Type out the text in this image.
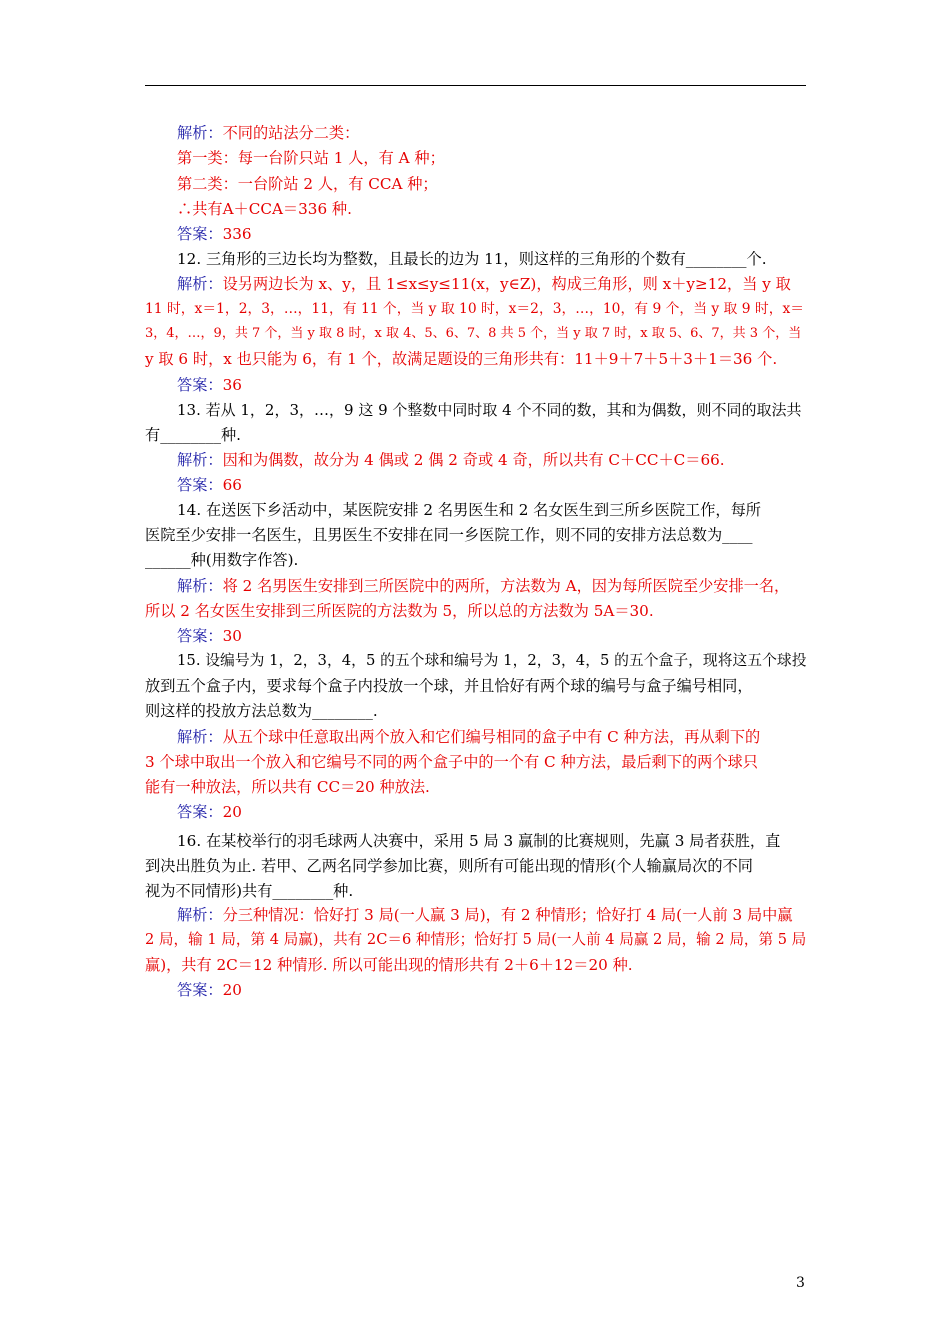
解析：不同的站法分二类：
第一类：每一台阶只站 1 人，有 A 种；
第二类：一台阶站 2 人，有 CCA 种；
∴共有A＋CCA＝336 种.
答案：336
12. 三角形的三边长均为整数，且最长的边为 11，则这样的三角形的个数有________个.
解析：设另两边长为 x、y，且 1≤x≤y≤11(x，y∈Z)，构成三角形，则 x＋y≥12，当 y 取
11 时，x＝1，2，3，…，11，有 11 个，当 y 取 10 时，x＝2，3，…，10，有 9 个，当 y 取 9 时，x＝
3，4，…，9，共 7 个，当 y 取 8 时，x 取 4、5、6、7、8 共 5 个，当 y 取 7 时，x 取 5、6、7，共 3 个，当
y 取 6 时，x 也只能为 6，有 1 个，故满足题设的三角形共有：11＋9＋7＋5＋3＋1＝36 个.
答案：36
13. 若从 1，2，3，…，9 这 9 个整数中同时取 4 个不同的数，其和为偶数，则不同的取法共
有________种.
解析：因和为偶数，故分为 4 偶或 2 偶 2 奇或 4 奇，所以共有 C＋CC＋C＝66.
答案：66
14. 在送医下乡活动中，某医院安排 2 名男医生和 2 名女医生到三所乡医院工作，每所
医院至少安排一名医生，且男医生不安排在同一乡医院工作，则不同的安排方法总数为____
______种(用数字作答).
解析：将 2 名男医生安排到三所医院中的两所，方法数为 A，因为每所医院至少安排一名，
所以 2 名女医生安排到三所医院的方法数为 5，所以总的方法数为 5A＝30.
答案：30
15. 设编号为 1，2，3，4，5 的五个球和编号为 1，2，3，4，5 的五个盒子，现将这五个球投
放到五个盒子内，要求每个盒子内投放一个球，并且恰好有两个球的编号与盒子编号相同，
则这样的投放方法总数为________.
解析：从五个球中任意取出两个放入和它们编号相同的盒子中有 C 种方法，再从剩下的
3 个球中取出一个放入和它编号不同的两个盒子中的一个有 C 种方法，最后剩下的两个球只
能有一种放法，所以共有 CC＝20 种放法.
答案：20
16. 在某校举行的羽毛球两人决赛中，采用 5 局 3 赢制的比赛规则，先赢 3 局者获胜，直
到决出胜负为止. 若甲、乙两名同学参加比赛，则所有可能出现的情形(个人输赢局次的不同
视为不同情形)共有________种.
解析：分三种情况：恰好打 3 局(一人赢 3 局)，有 2 种情形；恰好打 4 局(一人前 3 局中赢
2 局，输 1 局，第 4 局赢)，共有 2C＝6 种情形；恰好打 5 局(一人前 4 局赢 2 局，输 2 局，第 5 局
赢)，共有 2C＝12 种情形. 所以可能出现的情形共有 2＋6＋12＝20 种.
答案：20
3
